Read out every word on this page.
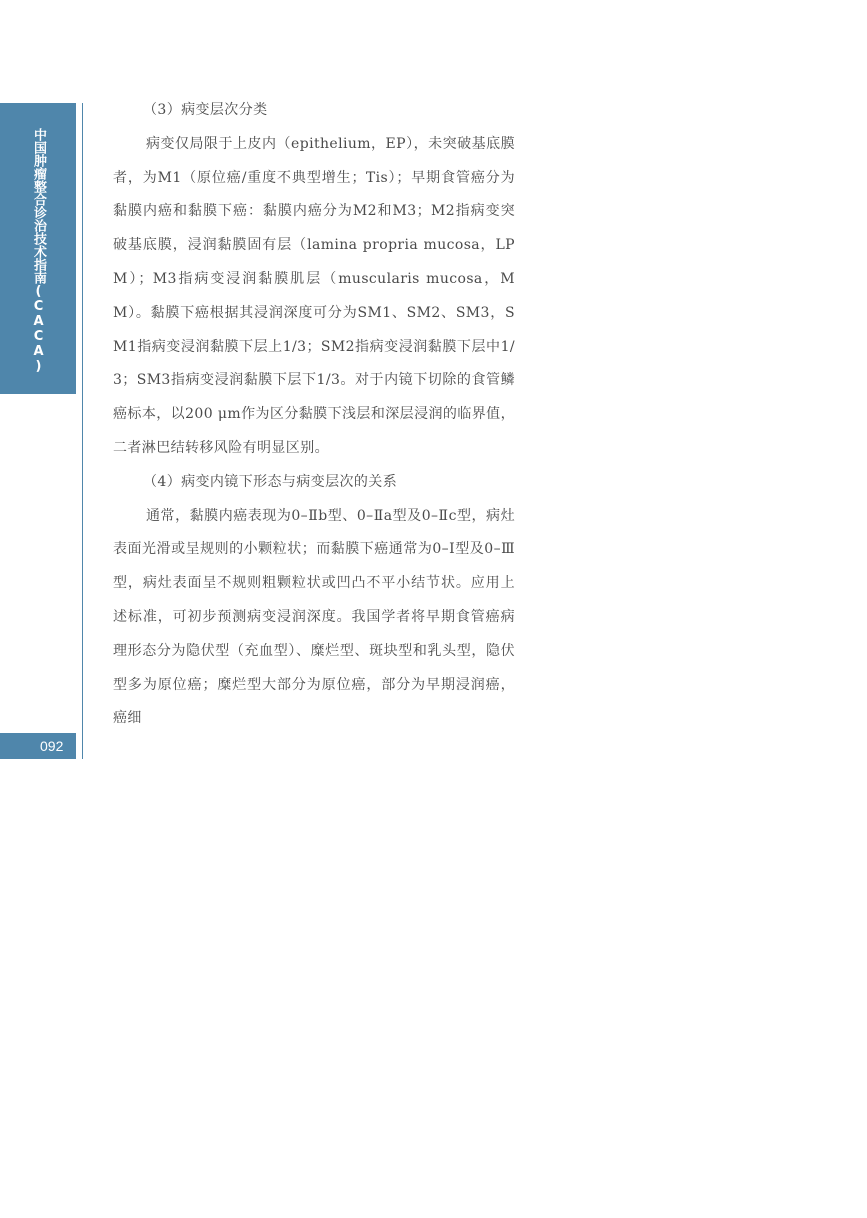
中国肿瘤整合诊治技术指南(CACA)
092

（3）病变层次分类

病变仅局限于上皮内（epithelium，EP），未突破基底膜者，为M1（原位癌/重度不典型增生；Tis）；早期食管癌分为黏膜内癌和黏膜下癌：黏膜内癌分为M2和M3；M2指病变突破基底膜，浸润黏膜固有层（lamina propria mucosa，LPM）；M3指病变浸润黏膜肌层（muscularis mucosa，MM）。黏膜下癌根据其浸润深度可分为SM1、SM2、SM3，SM1指病变浸润黏膜下层上1/3；SM2指病变浸润黏膜下层中1/3；SM3指病变浸润黏膜下层下1/3。对于内镜下切除的食管鳞癌标本，以200 μm作为区分黏膜下浅层和深层浸润的临界值，二者淋巴结转移风险有明显区别。

（4）病变内镜下形态与病变层次的关系

通常，黏膜内癌表现为0–Ⅱb型、0–Ⅱa型及0–Ⅱc型，病灶表面光滑或呈规则的小颗粒状；而黏膜下癌通常为0–Ⅰ型及0–Ⅲ型，病灶表面呈不规则粗颗粒状或凹凸不平小结节状。应用上述标准，可初步预测病变浸润深度。我国学者将早期食管癌病理形态分为隐伏型（充血型）、糜烂型、斑块型和乳头型，隐伏型多为原位癌；糜烂型大部分为原位癌，部分为早期浸润癌，癌细
